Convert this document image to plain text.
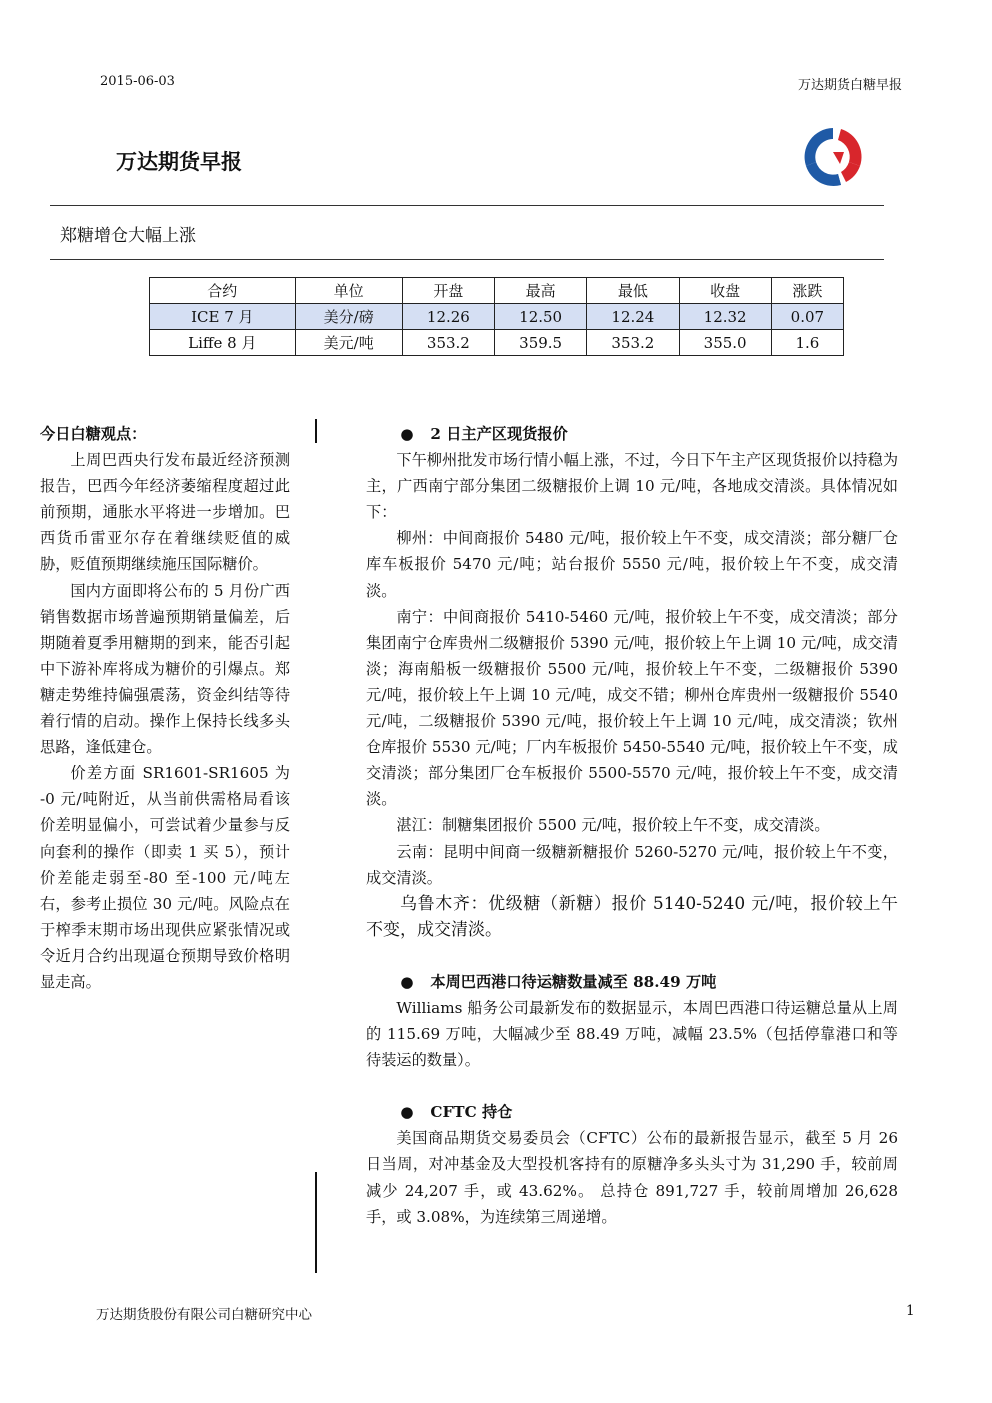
2015-06-03	万达期货白糖早报
万达期货早报
郑糖增仓大幅上涨
合约	单位	开盘	最高	最低	收盘	涨跌
ICE 7 月	美分/磅	12.26	12.50	12.24	12.32	0.07
Liffe 8 月	美元/吨	353.2	359.5	353.2	355.0	1.6

今日白糖观点：

上周巴西央行发布最近经济预测报告，巴西今年经济萎缩程度超过此前预期，通胀水平将进一步增加。巴西货币雷亚尔存在着继续贬值的威胁，贬值预期继续施压国际糖价。

国内方面即将公布的 5 月份广西销售数据市场普遍预期销量偏差，后期随着夏季用糖期的到来，能否引起中下游补库将成为糖价的引爆点。郑糖走势维持偏强震荡，资金纠结等待着行情的启动。操作上保持长线多头思路，逢低建仓。

价差方面 SR1601-SR1605 为 -0 元/吨附近，从当前供需格局看该价差明显偏小，可尝试着少量参与反向套利的操作（即卖 1 买 5），预计价差能走弱至-80 至-100 元/吨左右，参考止损位 30 元/吨。风险点在于榨季末期市场出现供应紧张情况或令近月合约出现逼仓预期导致价格明显走高。

● 2 日主产区现货报价

下午柳州批发市场行情小幅上涨，不过，今日下午主产区现货报价以持稳为主，广西南宁部分集团二级糖报价上调 10 元/吨，各地成交清淡。具体情况如下：

柳州：中间商报价 5480 元/吨，报价较上午不变，成交清淡；部分糖厂仓库车板报价 5470 元/吨；站台报价 5550 元/吨，报价较上午不变，成交清淡。

南宁：中间商报价 5410-5460 元/吨，报价较上午不变，成交清淡；部分集团南宁仓库贵州二级糖报价 5390 元/吨，报价较上午上调 10 元/吨，成交清淡；海南船板一级糖报价 5500 元/吨，报价较上午不变，二级糖报价 5390 元/吨，报价较上午上调 10 元/吨，成交不错；柳州仓库贵州一级糖报价 5540 元/吨，二级糖报价 5390 元/吨，报价较上午上调 10 元/吨，成交清淡；钦州仓库报价 5530 元/吨；厂内车板报价 5450-5540 元/吨，报价较上午不变，成交清淡；部分集团厂仓车板报价 5500-5570 元/吨，报价较上午不变，成交清淡。

湛江：制糖集团报价 5500 元/吨，报价较上午不变，成交清淡。

云南：昆明中间商一级糖新糖报价 5260-5270 元/吨，报价较上午不变，成交清淡。

乌鲁木齐：优级糖（新糖）报价 5140-5240 元/吨，报价较上午不变，成交清淡。

● 本周巴西港口待运糖数量减至 88.49 万吨

Williams 船务公司最新发布的数据显示，本周巴西港口待运糖总量从上周的 115.69 万吨，大幅减少至 88.49 万吨，减幅 23.5%（包括停靠港口和等待装运的数量）。

● CFTC 持仓

美国商品期货交易委员会（CFTC）公布的最新报告显示，截至 5 月 26 日当周，对冲基金及大型投机客持有的原糖净多头头寸为 31,290 手，较前周减少 24,207 手，或 43.62%。 总持仓 891,727 手，较前周增加 26,628 手，或 3.08%，为连续第三周递增。

万达期货股份有限公司白糖研究中心	1
